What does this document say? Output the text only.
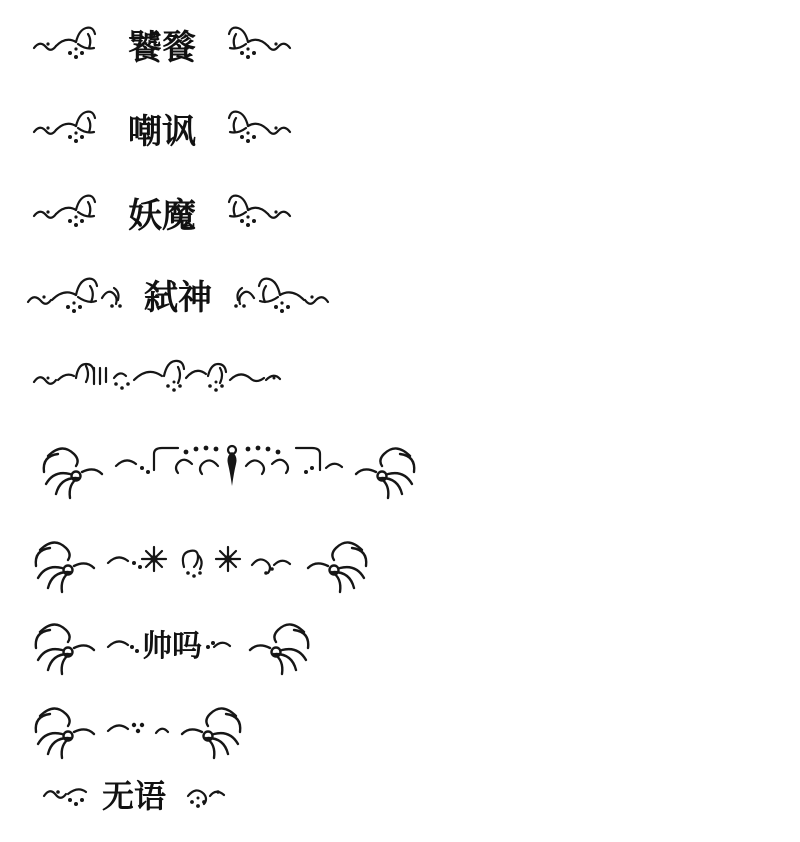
饕餮
嘲讽
妖魔
弑神
帅吗
无语
